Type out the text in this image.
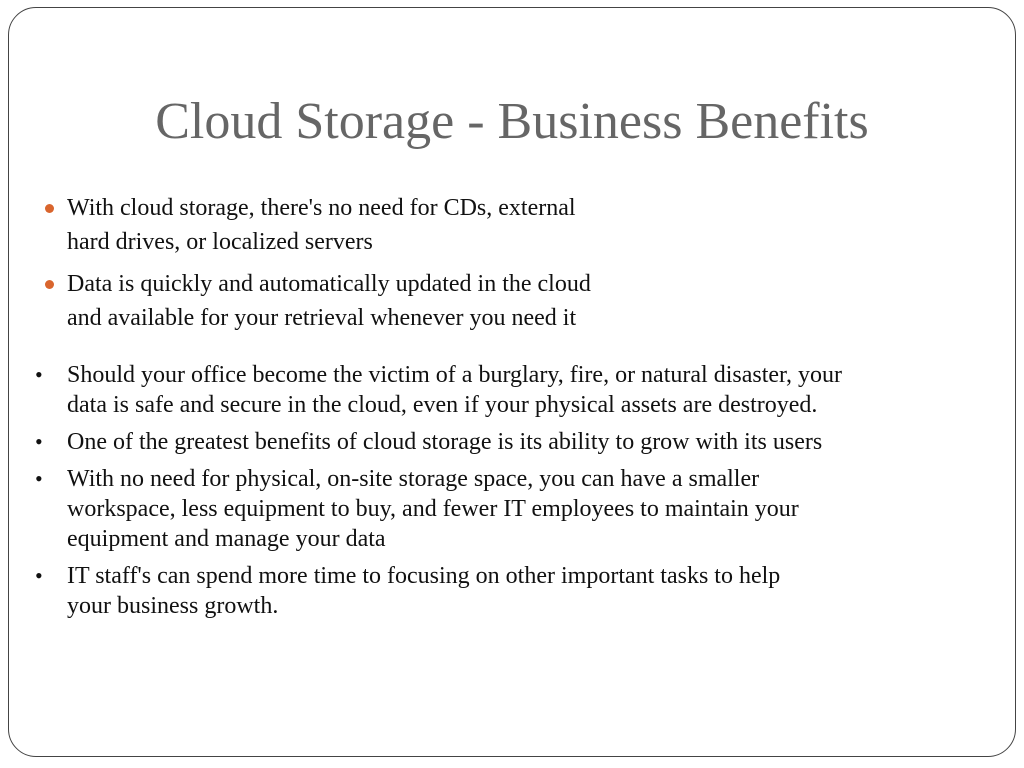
Cloud Storage - Business Benefits
With cloud storage, there's no need for CDs, external
hard drives, or localized servers
Data is quickly and automatically updated in the cloud
and available for your retrieval whenever you need it
• Should your office become the victim of a burglary, fire, or natural disaster, your
data is safe and secure in the cloud, even if your physical assets are destroyed.
• One of the greatest benefits of cloud storage is its ability to grow with its users
• With no need for physical, on-site storage space, you can have a smaller
workspace, less equipment to buy, and fewer IT employees to maintain your
equipment and manage your data
• IT staff's can spend more time to focusing on other important tasks to help
your business growth.
